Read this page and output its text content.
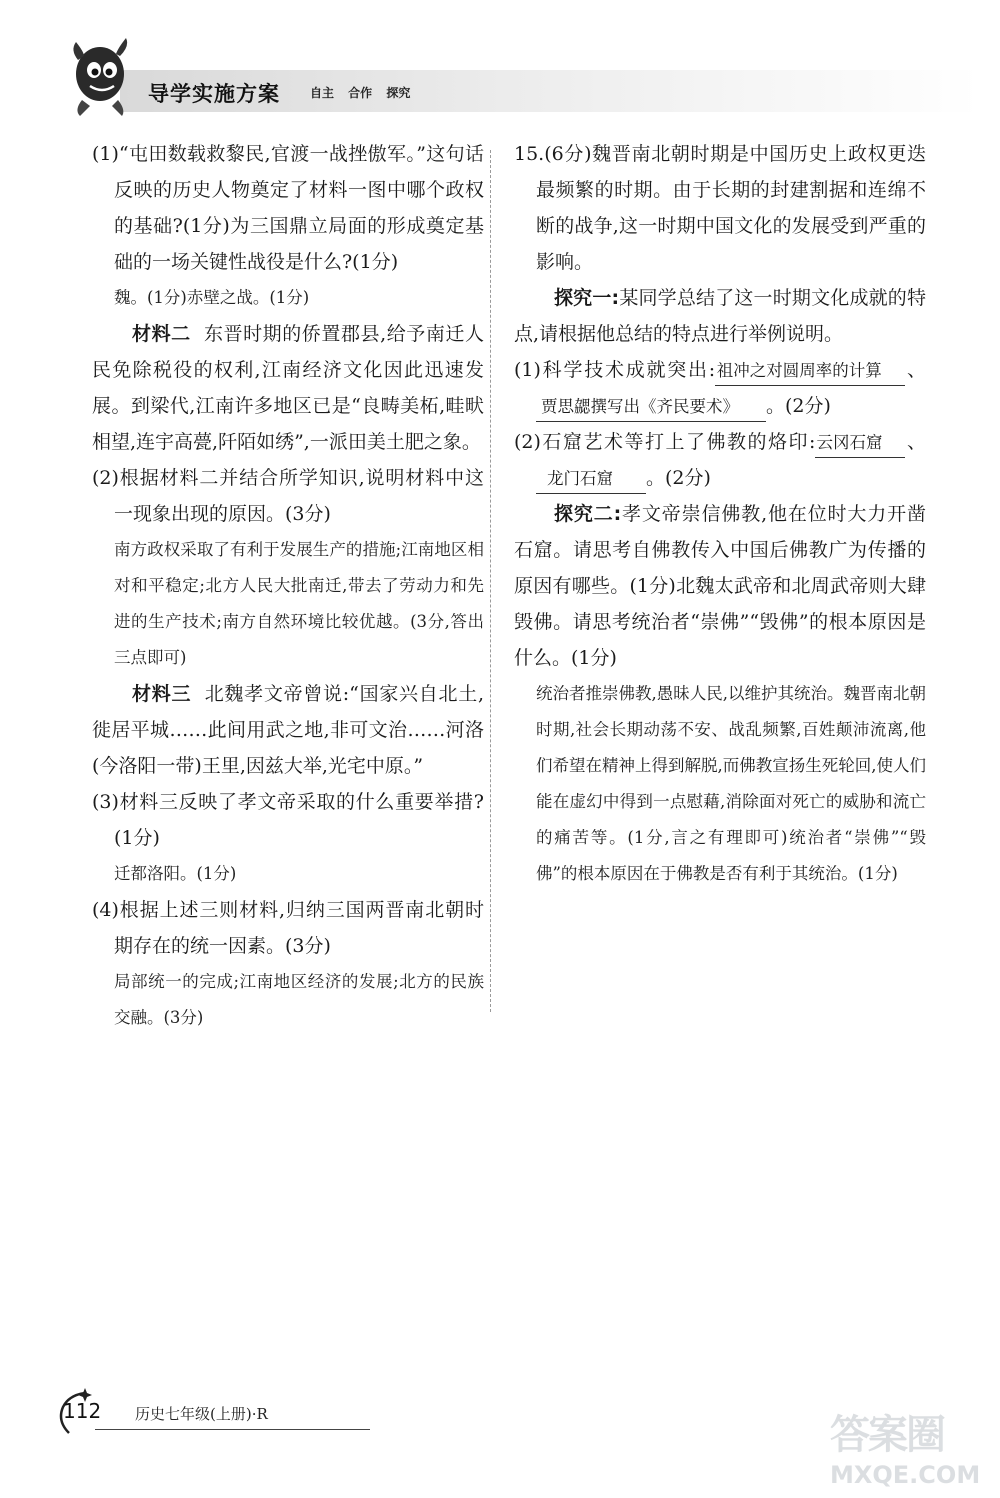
导学实施方案	自主 合作 探究

(1)“屯田数载救黎民,官渡一战挫傲军。”这句话反映的历史人物奠定了材料一图中哪个政权的基础?(1分)为三国鼎立局面的形成奠定基础的一场关键性战役是什么?(1分)

魏。(1分)赤壁之战。(1分)

材料二 东晋时期的侨置郡县,给予南迁人民免除税役的权利,江南经济文化因此迅速发展。到梁代,江南许多地区已是“良畴美柘,畦畎相望,连宇高甍,阡陌如绣”,一派田美土肥之象。

(2)根据材料二并结合所学知识,说明材料中这一现象出现的原因。(3分)

南方政权采取了有利于发展生产的措施;江南地区相对和平稳定;北方人民大批南迁,带去了劳动力和先进的生产技术;南方自然环境比较优越。(3分,答出三点即可)

材料三 北魏孝文帝曾说:“国家兴自北土,徙居平城……此间用武之地,非可文治……河洛(今洛阳一带)王里,因兹大举,光宅中原。”

(3)材料三反映了孝文帝采取的什么重要举措?(1分)

迁都洛阳。(1分)

(4)根据上述三则材料,归纳三国两晋南北朝时期存在的统一因素。(3分)

局部统一的完成;江南地区经济的发展;北方的民族交融。(3分)

15.(6分)魏晋南北朝时期是中国历史上政权更迭最频繁的时期。由于长期的封建割据和连绵不断的战争,这一时期中国文化的发展受到严重的影响。

探究一:某同学总结了这一时期文化成就的特点,请根据他总结的特点进行举例说明。

(1)科学技术成就突出:祖冲之对圆周率的计算 、贾思勰撰写出《齐民要术》 。(2分)

(2)石窟艺术等打上了佛教的烙印:云冈石窟 、龙门石窟 。(2分)

探究二:孝文帝崇信佛教,他在位时大力开凿石窟。请思考自佛教传入中国后佛教广为传播的原因有哪些。(1分)北魏太武帝和北周武帝则大肆毁佛。请思考统治者“崇佛”“毁佛”的根本原因是什么。(1分)

统治者推崇佛教,愚昧人民,以维护其统治。魏晋南北朝时期,社会长期动荡不安、战乱频繁,百姓颠沛流离,他们希望在精神上得到解脱,而佛教宣扬生死轮回,使人们能在虚幻中得到一点慰藉,消除面对死亡的威胁和流亡的痛苦等。(1分,言之有理即可)统治者“崇佛”“毁佛”的根本原因在于佛教是否有利于其统治。(1分)

112 历史七年级(上册)·R	答案圈
MXQE.COM
